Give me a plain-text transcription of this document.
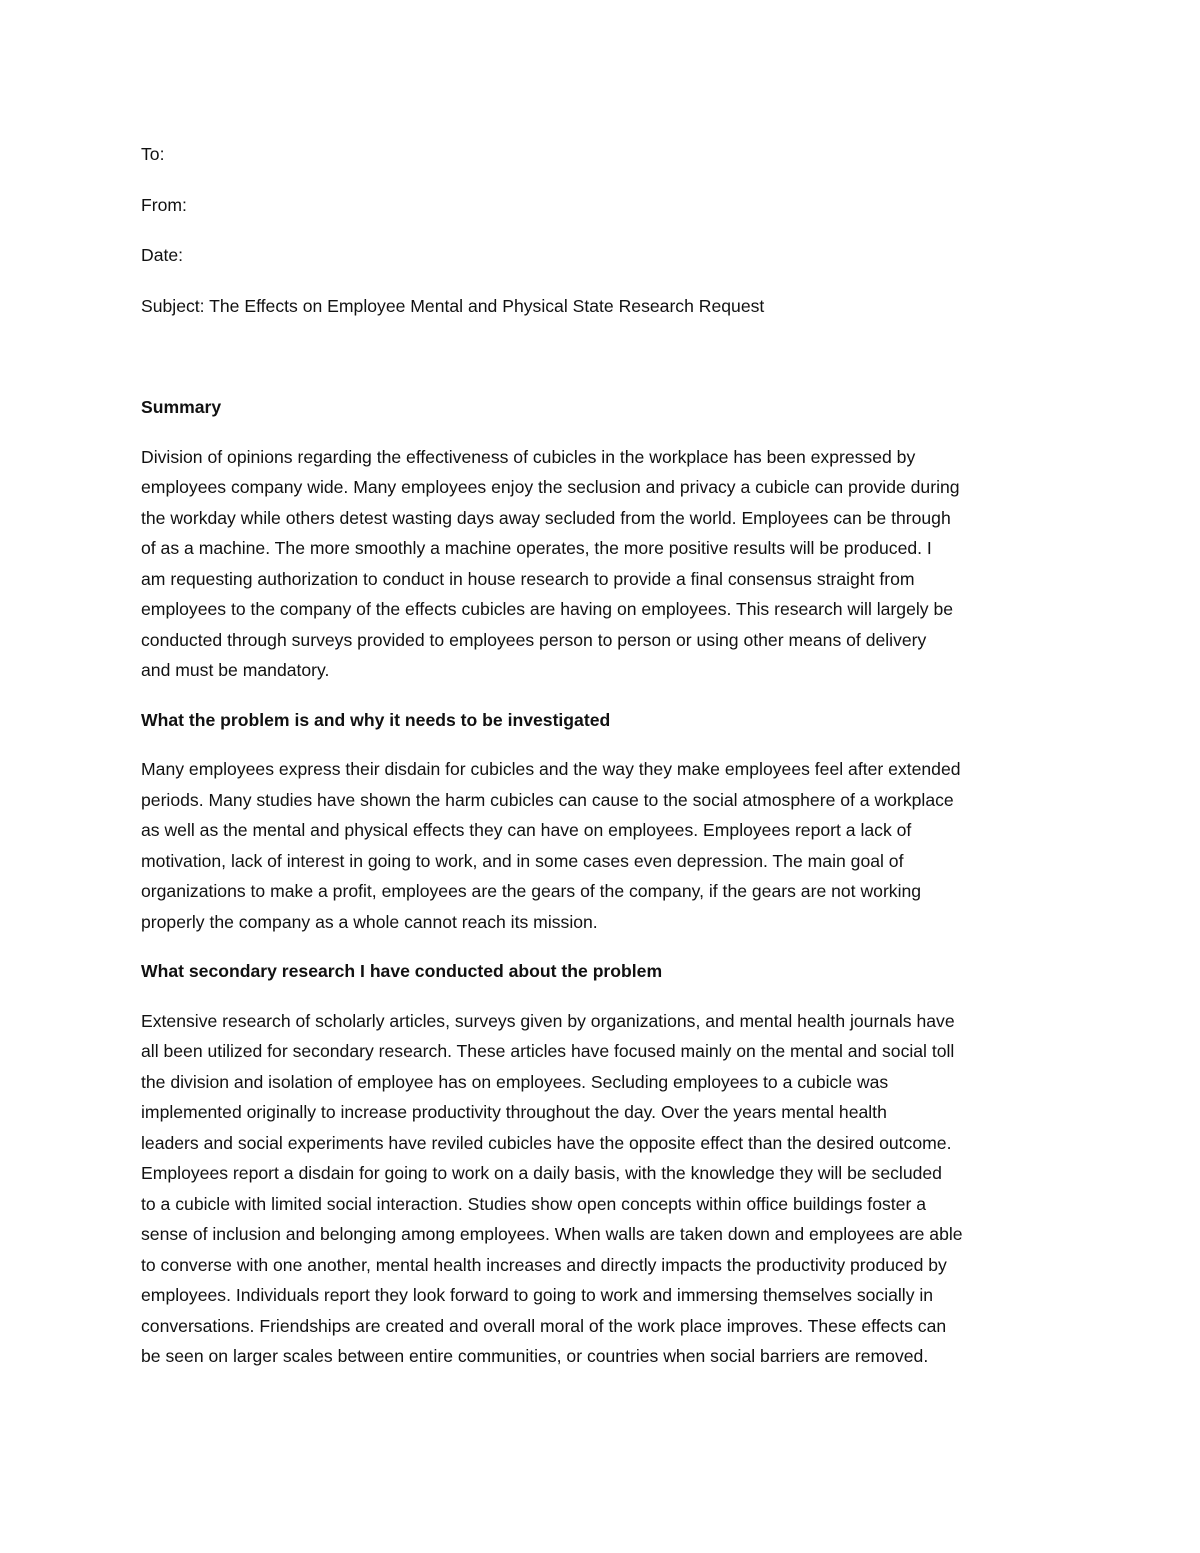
To:
From:
Date:
Subject: The Effects on Employee Mental and Physical State Research Request
Summary

Division of opinions regarding the effectiveness of cubicles in the workplace has been expressed by

employees company wide. Many employees enjoy the seclusion and privacy a cubicle can provide during

the workday while others detest wasting days away secluded from the world. Employees can be through

of as a machine. The more smoothly a machine operates, the more positive results will be produced. I

am requesting authorization to conduct in house research to provide a final consensus straight from

employees to the company of the effects cubicles are having on employees. This research will largely be

conducted through surveys provided to employees person to person or using other means of delivery

and must be mandatory.

What the problem is and why it needs to be investigated

Many employees express their disdain for cubicles and the way they make employees feel after extended

periods. Many studies have shown the harm cubicles can cause to the social atmosphere of a workplace

as well as the mental and physical effects they can have on employees. Employees report a lack of

motivation, lack of interest in going to work, and in some cases even depression. The main goal of

organizations to make a profit, employees are the gears of the company, if the gears are not working

properly the company as a whole cannot reach its mission.

What secondary research I have conducted about the problem

Extensive research of scholarly articles, surveys given by organizations, and mental health journals have

all been utilized for secondary research. These articles have focused mainly on the mental and social toll

the division and isolation of employee has on employees. Secluding employees to a cubicle was

implemented originally to increase productivity throughout the day. Over the years mental health

leaders and social experiments have reviled cubicles have the opposite effect than the desired outcome.

Employees report a disdain for going to work on a daily basis, with the knowledge they will be secluded

to a cubicle with limited social interaction. Studies show open concepts within office buildings foster a

sense of inclusion and belonging among employees. When walls are taken down and employees are able

to converse with one another, mental health increases and directly impacts the productivity produced by

employees. Individuals report they look forward to going to work and immersing themselves socially in

conversations. Friendships are created and overall moral of the work place improves. These effects can

be seen on larger scales between entire communities, or countries when social barriers are removed.
